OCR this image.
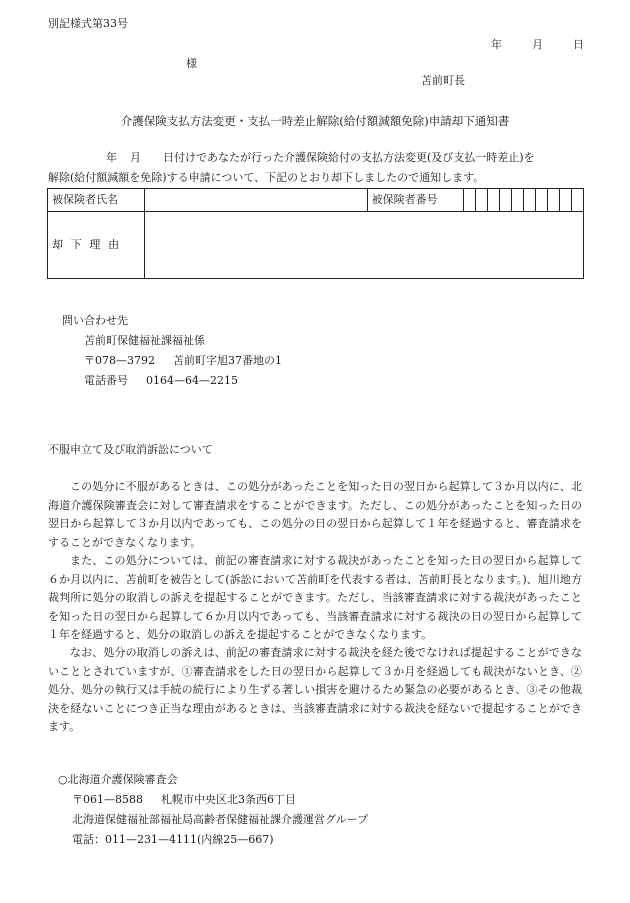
別記様式第33号
年	月	日
様
苫前町長
介護保険支払方法変更・支払一時差止解除(給付額減額免除)申請却下通知書
年 月 日付けであなたが行った介護保険給付の支払方法変更(及び支払一時差止)を
解除(給付額減額を免除)する申請について、下記のとおり却下しましたので通知します。
被保険者氏名		被保険者番号										
却下理由												
問い合わせ先
苫前町保健福祉課福祉係
〒078—3792 苫前町字旭37番地の1
電話番号 0164—64—2215
不服申立て及び取消訴訟について
この処分に不服があるときは、この処分があったことを知った日の翌日から起算して３か月以内に、北海道介護保険審査会に対して審査請求をすることができます。ただし、この処分があったことを知った日の翌日から起算して３か月以内であっても、この処分の日の翌日から起算して１年を経過すると、審査請求をすることができなくなります。
また、この処分については、前記の審査請求に対する裁決があったことを知った日の翌日から起算して６か月以内に、苫前町を被告として(訴訟において苫前町を代表する者は、苫前町長となります。)、旭川地方裁判所に処分の取消しの訴えを提起することができます。ただし、当該審査請求に対する裁決があったことを知った日の翌日から起算して６か月以内であっても、当該審査請求に対する裁決の日の翌日から起算して１年を経過すると、処分の取消しの訴えを提起することができなくなります。
なお、処分の取消しの訴えは、前記の審査請求に対する裁決を経た後でなければ提起することができないこととされていますが、①審査請求をした日の翌日から起算して３か月を経過しても裁決がないとき、②処分、処分の執行又は手続の続行により生ずる著しい損害を避けるため緊急の必要があるとき、③その他裁決を経ないことにつき正当な理由があるときは、当該審査請求に対する裁決を経ないで提起することができます。
○北海道介護保険審査会
〒061—8588 札幌市中央区北3条西6丁目
北海道保健福祉部福祉局高齢者保健福祉課介護運営グループ
電話：011—231—4111(内線25—667)
